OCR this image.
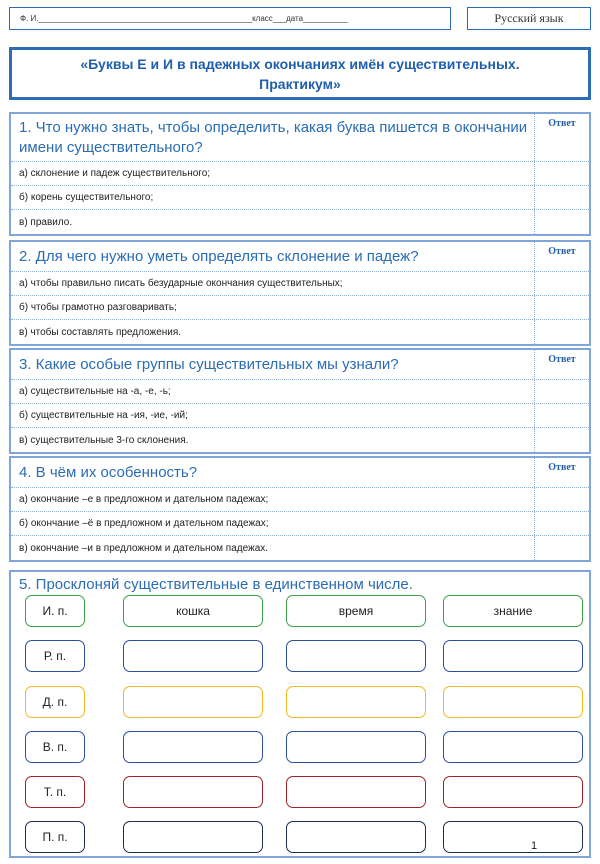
Ф. И.________________________________________________класс___дата__________	Русский язык
«Буквы Е и И в падежных окончаниях имён существительных.
Практикум»
1. Что нужно знать, чтобы определить, какая буква пишется в окончании имени существительного?
Ответ
а) склонение и падеж существительного;
б) корень существительного;
в) правило.
2. Для чего нужно уметь определять склонение и падеж?	Ответ
а) чтобы правильно писать безударные окончания существительных;
б) чтобы грамотно разговаривать;
в) чтобы составлять предложения.
3. Какие особые группы существительных мы узнали?	Ответ
а) существительные на -а, -е, -ь;
б) существительные на -ия, -ие, -ий;
в) существительные 3-го склонения.
4. В чём их особенность?	Ответ
а) окончание –е в предложном и дательном падежах;
б) окончание –ё в предложном и дательном падежах;
в) окончание –и в предложном и дательном падежах.
5. Просклоняй существительные в единственном числе.
И. п.	кошка	время	знание
Р. п.
Д. п.
В. п.
Т. п.
П. п.
1
